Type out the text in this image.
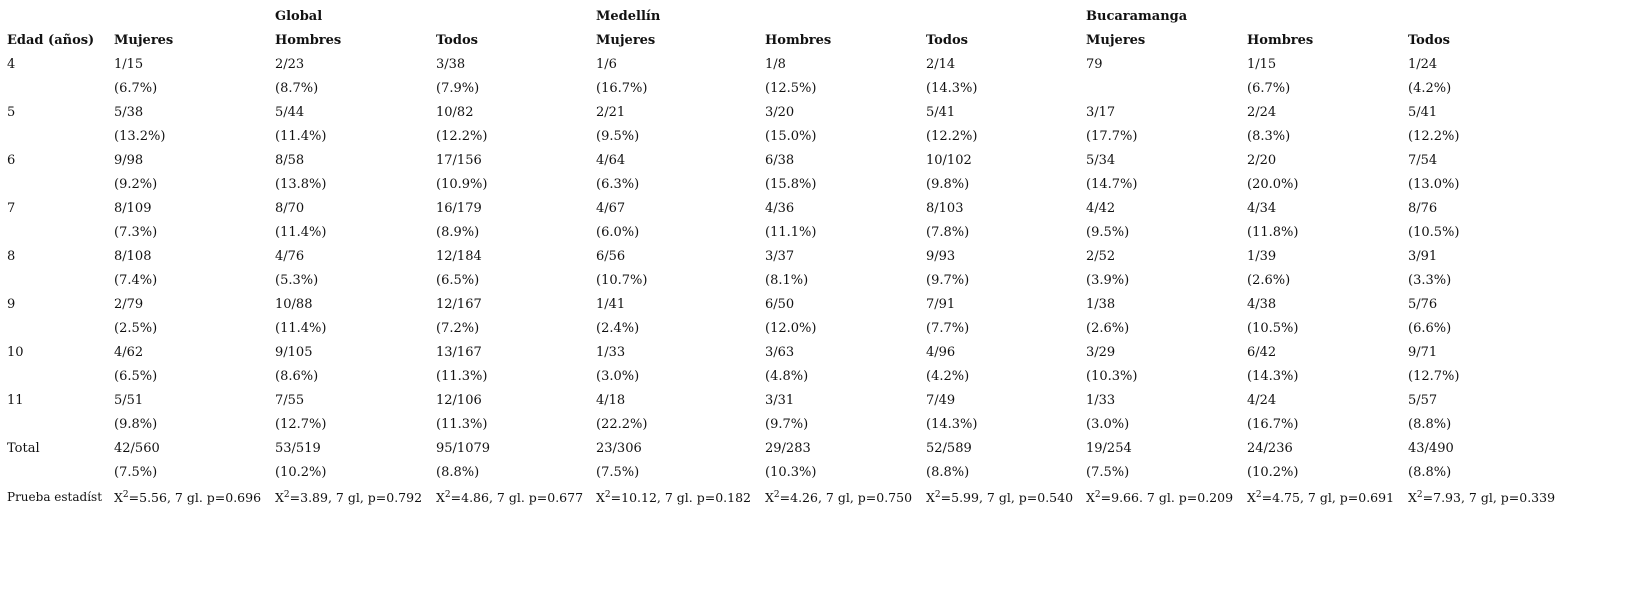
		Global		Medellín			Bucaramanga		
Edad (años)	Mujeres	Hombres	Todos	Mujeres	Hombres	Todos	Mujeres	Hombres	Todos
4	1/15	2/23	3/38	1/6	1/8	2/14	79	1/15	1/24
	(6.7%)	(8.7%)	(7.9%)	(16.7%)	(12.5%)	(14.3%)		(6.7%)	(4.2%)
5	5/38	5/44	10/82	2/21	3/20	5/41	3/17	2/24	5/41
	(13.2%)	(11.4%)	(12.2%)	(9.5%)	(15.0%)	(12.2%)	(17.7%)	(8.3%)	(12.2%)
6	9/98	8/58	17/156	4/64	6/38	10/102	5/34	2/20	7/54
	(9.2%)	(13.8%)	(10.9%)	(6.3%)	(15.8%)	(9.8%)	(14.7%)	(20.0%)	(13.0%)
7	8/109	8/70	16/179	4/67	4/36	8/103	4/42	4/34	8/76
	(7.3%)	(11.4%)	(8.9%)	(6.0%)	(11.1%)	(7.8%)	(9.5%)	(11.8%)	(10.5%)
8	8/108	4/76	12/184	6/56	3/37	9/93	2/52	1/39	3/91
	(7.4%)	(5.3%)	(6.5%)	(10.7%)	(8.1%)	(9.7%)	(3.9%)	(2.6%)	(3.3%)
9	2/79	10/88	12/167	1/41	6/50	7/91	1/38	4/38	5/76
	(2.5%)	(11.4%)	(7.2%)	(2.4%)	(12.0%)	(7.7%)	(2.6%)	(10.5%)	(6.6%)
10	4/62	9/105	13/167	1/33	3/63	4/96	3/29	6/42	9/71
	(6.5%)	(8.6%)	(11.3%)	(3.0%)	(4.8%)	(4.2%)	(10.3%)	(14.3%)	(12.7%)
11	5/51	7/55	12/106	4/18	3/31	7/49	1/33	4/24	5/57
	(9.8%)	(12.7%)	(11.3%)	(22.2%)	(9.7%)	(14.3%)	(3.0%)	(16.7%)	(8.8%)
Total	42/560	53/519	95/1079	23/306	29/283	52/589	19/254	24/236	43/490
	(7.5%)	(10.2%)	(8.8%)	(7.5%)	(10.3%)	(8.8%)	(7.5%)	(10.2%)	(8.8%)
Prueba estadíst	$X^2=5.56$, 7 gl. p=0.696	$X^2=3.89$, 7 gl, p=0.792	$X^2=4.86$, 7 gl. p=0.677	$X^2=10.12$, 7 gl. p=0.182	$X^2=4.26$, 7 gl, p=0.750	$X^2=5.99$, 7 gl, p=0.540	$X^2=9.66$. 7 gl. p=0.209	$X^2=4.75$, 7 gl, p=0.691	$X^2=7.93$, 7 gl, p=0.339
